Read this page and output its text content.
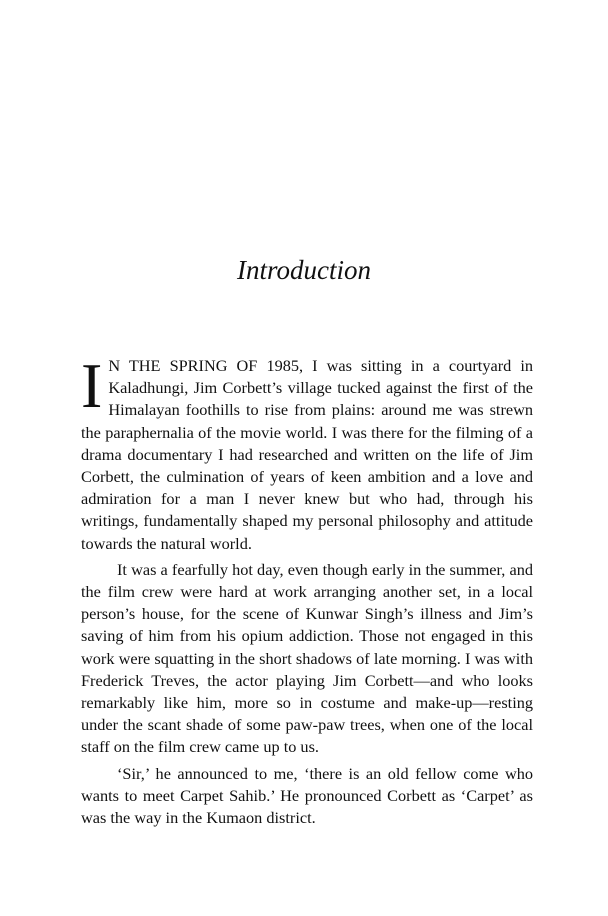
Introduction

I N THE SPRING OF 1985, I was sitting in a courtyard in Kaladhungi, Jim Corbett’s village tucked against the first of the Himalayan foothills to rise from plains: around me was strewn the paraphernalia of the movie world. I was there for the filming of a drama documentary I had researched and written on the life of Jim Corbett, the culmination of years of keen ambition and a love and admiration for a man I never knew but who had, through his writings, fundamentally shaped my personal philosophy and attitude towards the natural world.

It was a fearfully hot day, even though early in the summer, and the film crew were hard at work arranging another set, in a local person’s house, for the scene of Kunwar Singh’s illness and Jim’s saving of him from his opium addiction. Those not engaged in this work were squatting in the short shadows of late morning. I was with Frederick Treves, the actor playing Jim Corbett—and who looks remarkably like him, more so in costume and make-up—resting under the scant shade of some paw-paw trees, when one of the local staff on the film crew came up to us.

‘Sir,’ he announced to me, ‘there is an old fellow come who wants to meet Carpet Sahib.’ He pronounced Corbett as ‘Carpet’ as was the way in the Kumaon district.
